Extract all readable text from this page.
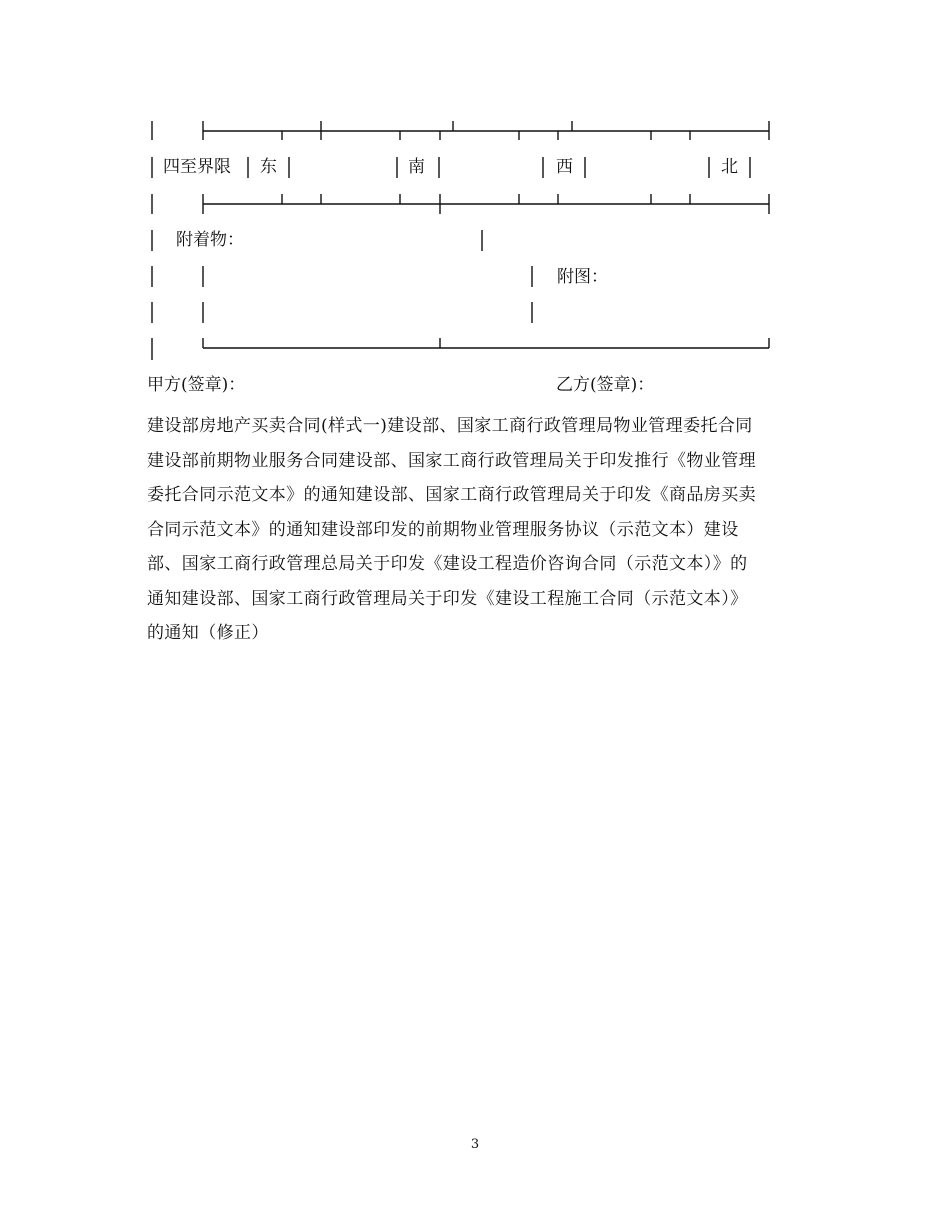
四至界限 东	南	西	北
附着物：
附图：
甲方(签章)：	乙方(签章)：
建设部房地产买卖合同(样式一)建设部、国家工商行政管理局物业管理委托合同
建设部前期物业服务合同建设部、国家工商行政管理局关于印发推行《物业管理
委托合同示范文本》的通知建设部、国家工商行政管理局关于印发《商品房买卖
合同示范文本》的通知建设部印发的前期物业管理服务协议（示范文本）建设
部、国家工商行政管理总局关于印发《建设工程造价咨询合同（示范文本）》的
通知建设部、国家工商行政管理局关于印发《建设工程施工合同（示范文本）》
的通知（修正）
3
